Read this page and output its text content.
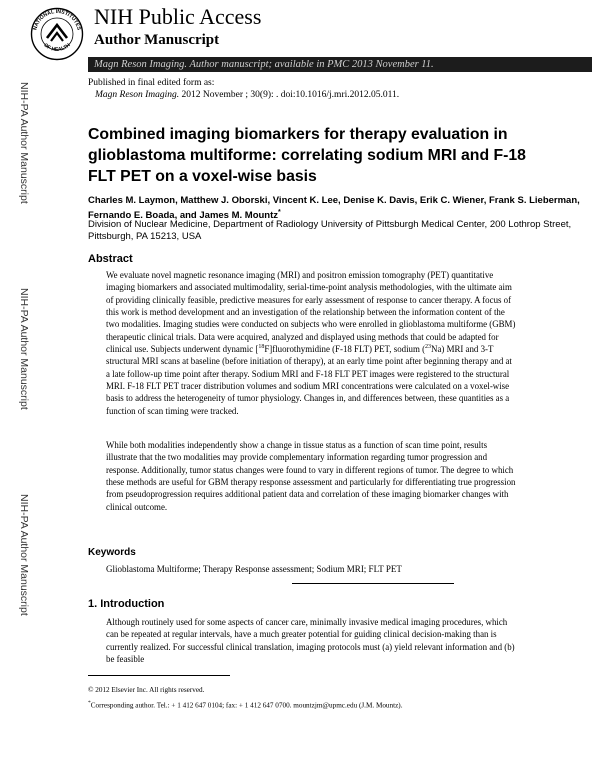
NATIONAL INSTITUTES
OF HEALTH
NIH Public Access
Author Manuscript
Magn Reson Imaging. Author manuscript; available in PMC 2013 November 11.
Published in final edited form as:
Magn Reson Imaging. 2012 November ; 30(9): . doi:10.1016/j.mri.2012.05.011.
NIH-PA Author Manuscript
NIH-PA Author Manuscript
NIH-PA Author Manuscript
Combined imaging biomarkers for therapy evaluation in glioblastoma multiforme: correlating sodium MRI and F-18 FLT PET on a voxel-wise basis
Charles M. Laymon, Matthew J. Oborski, Vincent K. Lee, Denise K. Davis, Erik C. Wiener, Frank S. Lieberman, Fernando E. Boada, and James M. Mountz*
Division of Nuclear Medicine, Department of Radiology University of Pittsburgh Medical Center, 200 Lothrop Street, Pittsburgh, PA 15213, USA
Abstract

We evaluate novel magnetic resonance imaging (MRI) and positron emission tomography (PET) quantitative imaging biomarkers and associated multimodality, serial-time-point analysis methodologies, with the ultimate aim of providing clinically feasible, predictive measures for early assessment of response to cancer therapy. A focus of this work is method development and an investigation of the relationship between the information content of the two modalities. Imaging studies were conducted on subjects who were enrolled in glioblastoma multiforme (GBM) therapeutic clinical trials. Data were acquired, analyzed and displayed using methods that could be adapted for clinical use. Subjects underwent dynamic [$^{18}$F]fluorothymidine (F-18 FLT) PET, sodium ($^{23}$Na) MRI and 3-T structural MRI scans at baseline (before initiation of therapy), at an early time point after beginning therapy and at a late follow-up time point after therapy. Sodium MRI and F-18 FLT PET images were registered to the structural MRI. F-18 FLT PET tracer distribution volumes and sodium MRI concentrations were calculated on a voxel-wise basis to address the heterogeneity of tumor physiology. Changes in, and differences between, these quantities as a function of scan timing were tracked.

While both modalities independently show a change in tissue status as a function of scan time point, results illustrate that the two modalities may provide complementary information regarding tumor progression and response. Additionally, tumor status changes were found to vary in different regions of tumor. The degree to which these methods are useful for GBM therapy response assessment and particularly for differentiating true progression from pseudoprogression requires additional patient data and correlation of these imaging biomarker changes with clinical outcome.

Keywords
Glioblastoma Multiforme; Therapy Response assessment; Sodium MRI; FLT PET
1. Introduction

Although routinely used for some aspects of cancer care, minimally invasive medical imaging procedures, which can be repeated at regular intervals, have a much greater potential for guiding clinical decision-making than is currently realized. For successful clinical translation, imaging protocols must (a) yield relevant information and (b) be feasible

© 2012 Elsevier Inc. All rights reserved.
*Corresponding author. Tel.: + 1 412 647 0104; fax: + 1 412 647 0700. mountzjm@upmc.edu (J.M. Mountz).
